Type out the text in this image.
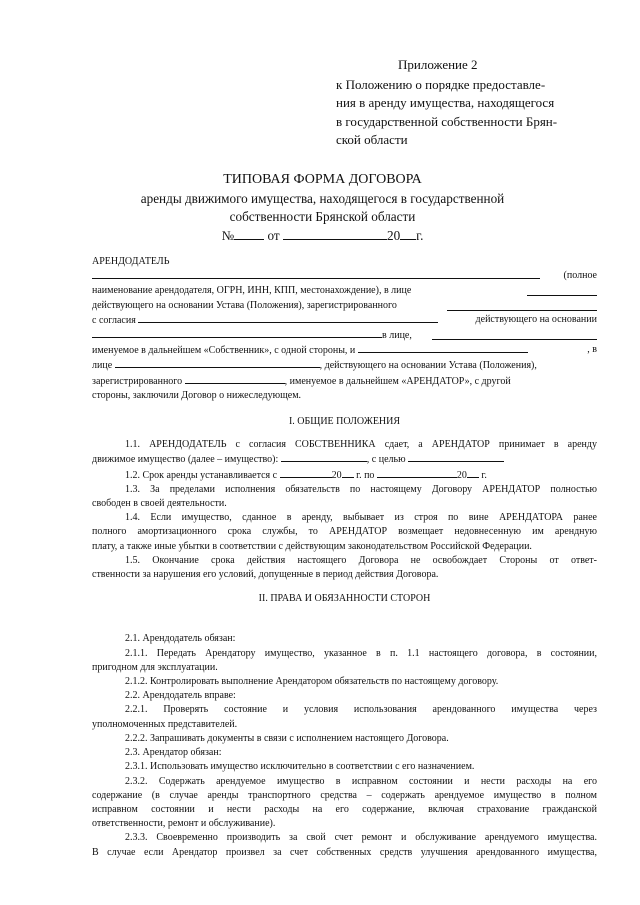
Приложение 2
к Положению о порядке предоставле-
ния в аренду имущества, находящегося
в государственной собственности Брян-
ской области
ТИПОВАЯ ФОРМА ДОГОВОРА
аренды движимого имущества, находящегося в государственной
собственности Брянской области
№	от	20 г.
АРЕНДОДАТЕЛЬ
(полное
наименование арендодателя, ОГРН, ИНН, КПП, местонахождение), в лице
действующего на основании Устава (Положения), зарегистрированного
с согласия	действующего на основании
в лице,
именуемое в дальнейшем «Собственник», с одной стороны, и	, в
лице	, действующего на основании Устава (Положения),
зарегистрированного	, именуемое в дальнейшем «АРЕНДАТОР», с другой
стороны, заключили Договор о нижеследующем.
I. ОБЩИЕ ПОЛОЖЕНИЯ
1.1. АРЕНДОДАТЕЛЬ с согласия СОБСТВЕННИКА сдает, а АРЕНДАТОР принимает в аренду
движимое имущество (далее – имущество):	, с целью
1.2. Срок аренды устанавливается с	20 г. по	20 г.
1.3. За пределами исполнения обязательств по настоящему Договору АРЕНДАТОР полностью
свободен в своей деятельности.
1.4. Если имущество, сданное в аренду, выбывает из строя по вине АРЕНДАТОРА ранее
полного амортизационного срока службы, то АРЕНДАТОР возмещает недовнесенную им арендную
плату, а также иные убытки в соответствии с действующим законодательством Российской Федерации.
1.5. Окончание срока действия настоящего Договора не освобождает Стороны от ответ-
ственности за нарушения его условий, допущенные в период действия Договора.
II. ПРАВА И ОБЯЗАННОСТИ СТОРОН
2.1. Арендодатель обязан:
2.1.1. Передать Арендатору имущество, указанное в п. 1.1 настоящего договора, в состоянии,
пригодном для эксплуатации.
2.1.2. Контролировать выполнение Арендатором обязательств по настоящему договору.
2.2. Арендодатель вправе:
2.2.1. Проверять состояние и условия использования арендованного имущества через
уполномоченных представителей.
2.2.2. Запрашивать документы в связи с исполнением настоящего Договора.
2.3. Арендатор обязан:
2.3.1. Использовать имущество исключительно в соответствии с его назначением.
2.3.2. Содержать арендуемое имущество в исправном состоянии и нести расходы на его
содержание (в случае аренды транспортного средства – содержать арендуемое имущество в полном
исправном состоянии и нести расходы на его содержание, включая страхование гражданской
ответственности, ремонт и обслуживание).
2.3.3. Своевременно производить за свой счет ремонт и обслуживание арендуемого имущества.
В случае если Арендатор произвел за счет собственных средств улучшения арендованного имущества,
